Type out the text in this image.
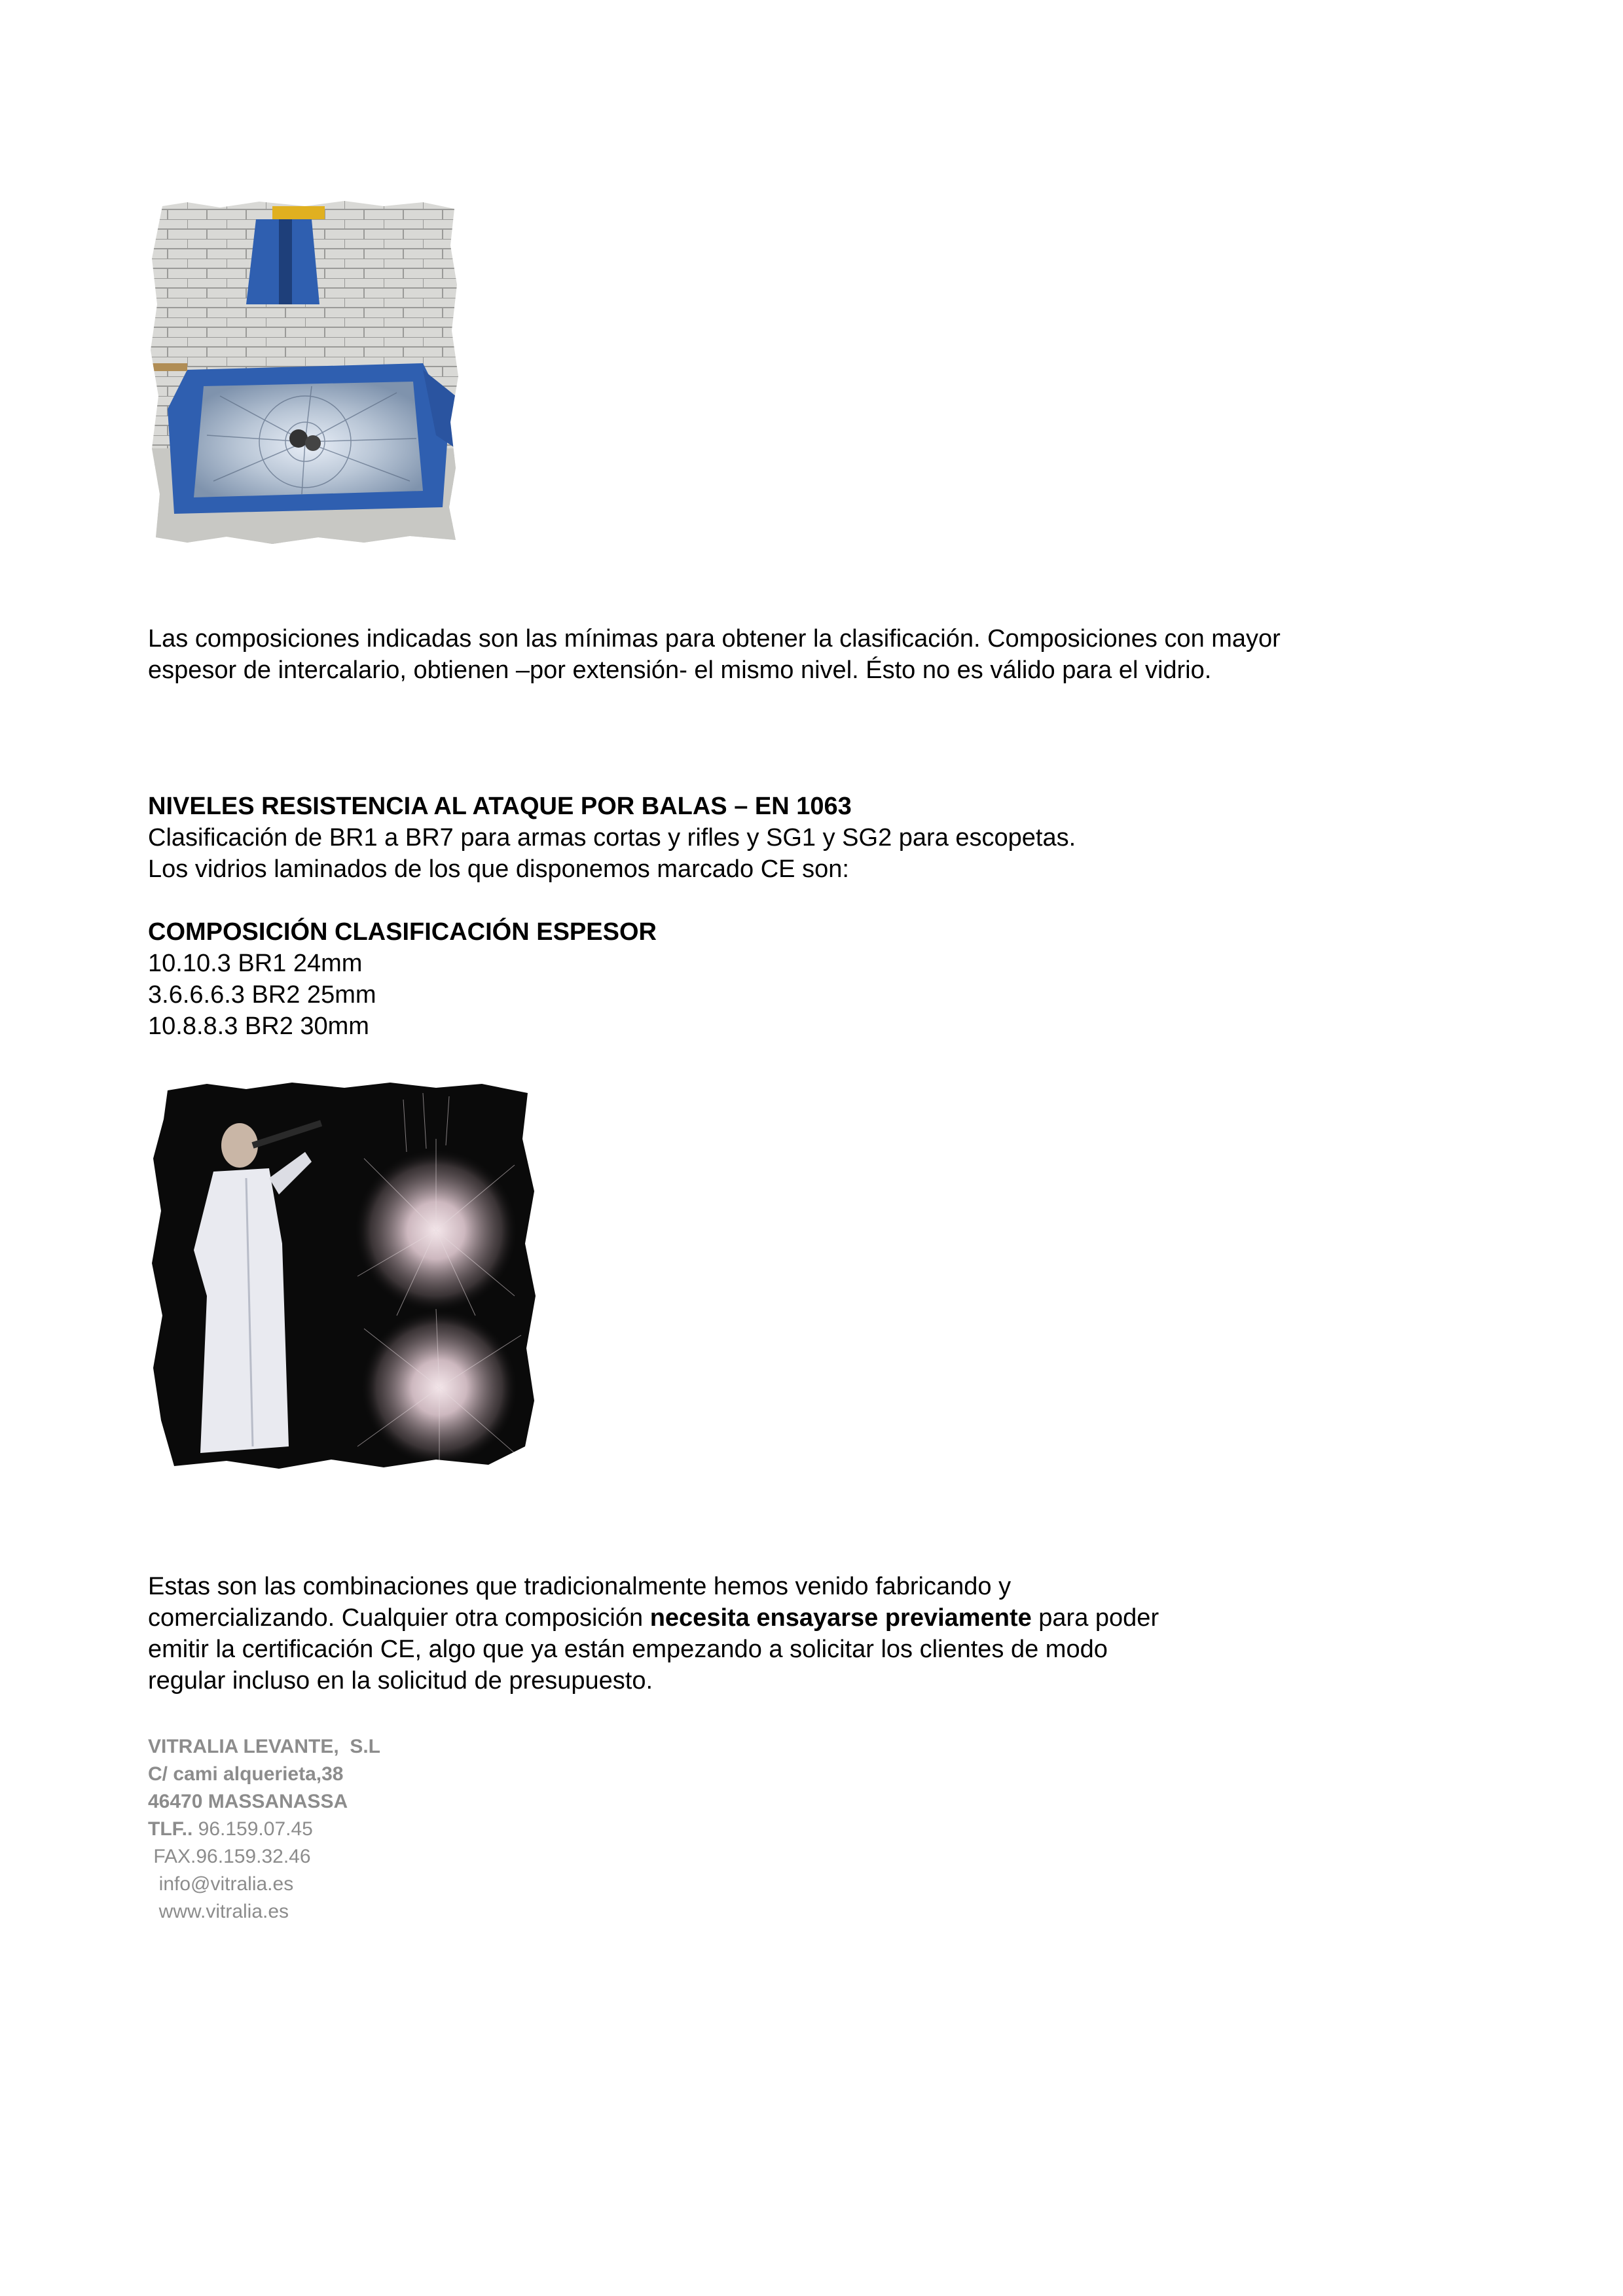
Las composiciones indicadas son las mínimas para obtener la clasificación. Composiciones con mayor espesor de intercalario, obtienen –por extensión- el mismo nivel. Ésto no es válido para el vidrio.

NIVELES RESISTENCIA AL ATAQUE POR BALAS – EN 1063

Clasificación de BR1 a BR7 para armas cortas y rifles y SG1 y SG2 para escopetas.

Los vidrios laminados de los que disponemos marcado CE son:

COMPOSICIÓN CLASIFICACIÓN ESPESOR

10.10.3 BR1 24mm

3.6.6.6.3 BR2 25mm

10.8.8.3 BR2 30mm

Estas son las combinaciones que tradicionalmente hemos venido fabricando y comercializando. Cualquier otra composición necesita ensayarse previamente para poder emitir la certificación CE, algo que ya están empezando a solicitar los clientes de modo regular incluso en la solicitud de presupuesto.

VITRALIA LEVANTE,  S.L
C/ cami alquerieta,38
46470 MASSANASSA
TLF.. 96.159.07.45
FAX.96.159.32.46
info@vitralia.es
www.vitralia.es
